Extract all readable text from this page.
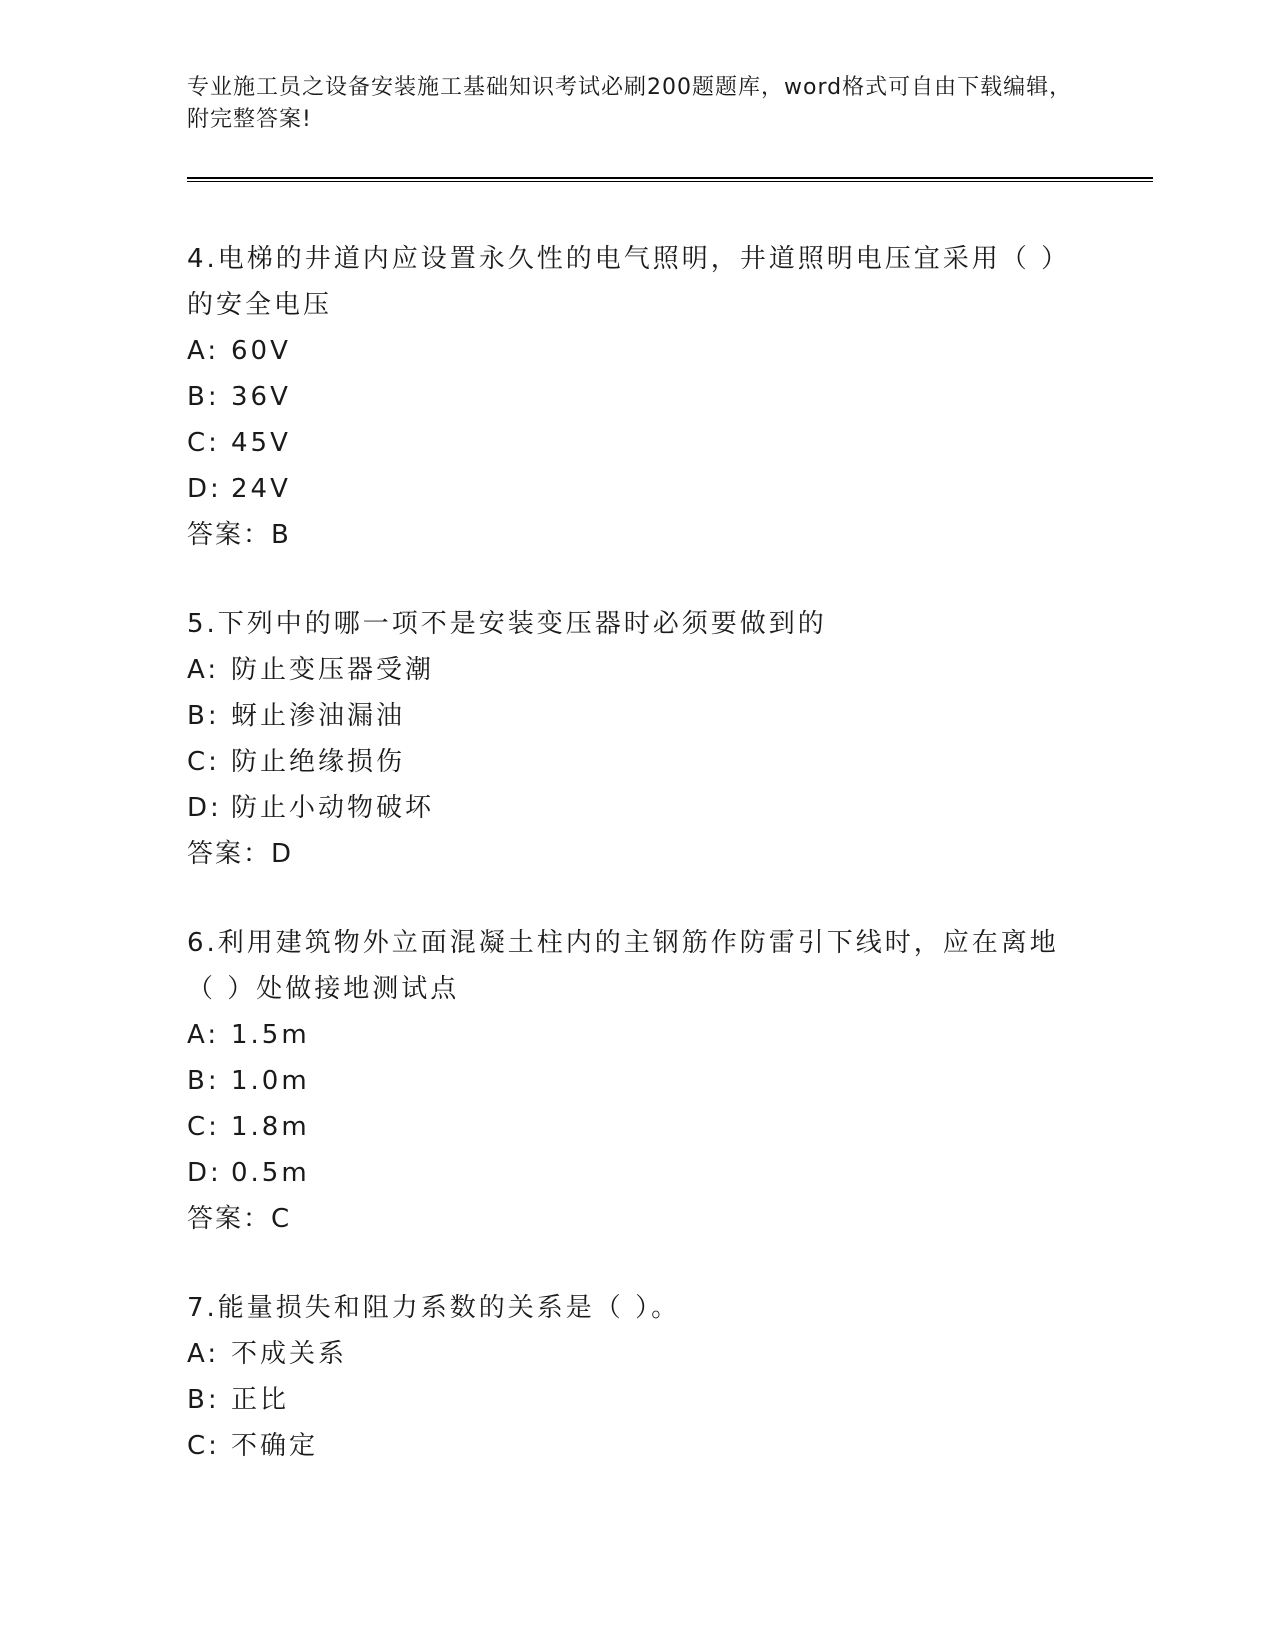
专业施工员之设备安装施工基础知识考试必刷200题题库，word格式可自由下载编辑，附完整答案!

4.电梯的井道内应设置永久性的电气照明，井道照明电压宜采用（ ）的安全电压

A: 60V

B: 36V

C: 45V

D: 24V

答案：B

5.下列中的哪一项不是安装变压器时必须要做到的

A: 防止变压器受潮

B: 蚜止渗油漏油

C: 防止绝缘损伤

D: 防止小动物破坏

答案：D

6.利用建筑物外立面混凝土柱内的主钢筋作防雷引下线时，应在离地（ ）处做接地测试点

A: 1.5m

B: 1.0m

C: 1.8m

D: 0.5m

答案：C

7.能量损失和阻力系数的关系是（ ）。

A: 不成关系

B: 正比

C: 不确定
